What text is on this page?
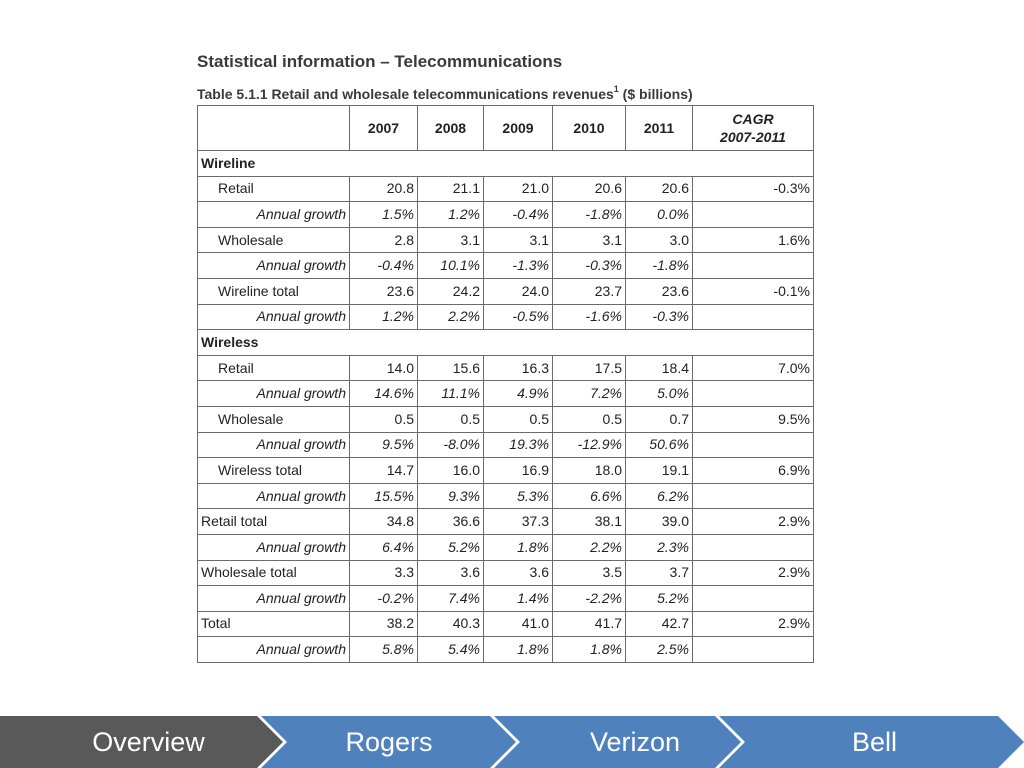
Statistical information – Telecommunications
Table 5.1.1 Retail and wholesale telecommunications revenues$^1$ ($ billions)
	2007	2008	2009	2010	2011	CAGR
2007-2011
Wireline						
Retail	20.8	21.1	21.0	20.6	20.6	-0.3%
Annual growth	1.5%	1.2%	-0.4%	-1.8%	0.0%	
Wholesale	2.8	3.1	3.1	3.1	3.0	1.6%
Annual growth	-0.4%	10.1%	-1.3%	-0.3%	-1.8%	
Wireline total	23.6	24.2	24.0	23.7	23.6	-0.1%
Annual growth	1.2%	2.2%	-0.5%	-1.6%	-0.3%	
Wireless						
Retail	14.0	15.6	16.3	17.5	18.4	7.0%
Annual growth	14.6%	11.1%	4.9%	7.2%	5.0%	
Wholesale	0.5	0.5	0.5	0.5	0.7	9.5%
Annual growth	9.5%	-8.0%	19.3%	-12.9%	50.6%	
Wireless total	14.7	16.0	16.9	18.0	19.1	6.9%
Annual growth	15.5%	9.3%	5.3%	6.6%	6.2%	
Retail total	34.8	36.6	37.3	38.1	39.0	2.9%
Annual growth	6.4%	5.2%	1.8%	2.2%	2.3%	
Wholesale total	3.3	3.6	3.6	3.5	3.7	2.9%
Annual growth	-0.2%	7.4%	1.4%	-2.2%	5.2%	
Total	38.2	40.3	41.0	41.7	42.7	2.9%
Annual growth	5.8%	5.4%	1.8%	1.8%	2.5%	
Overview	Rogers	Verizon	Bell
